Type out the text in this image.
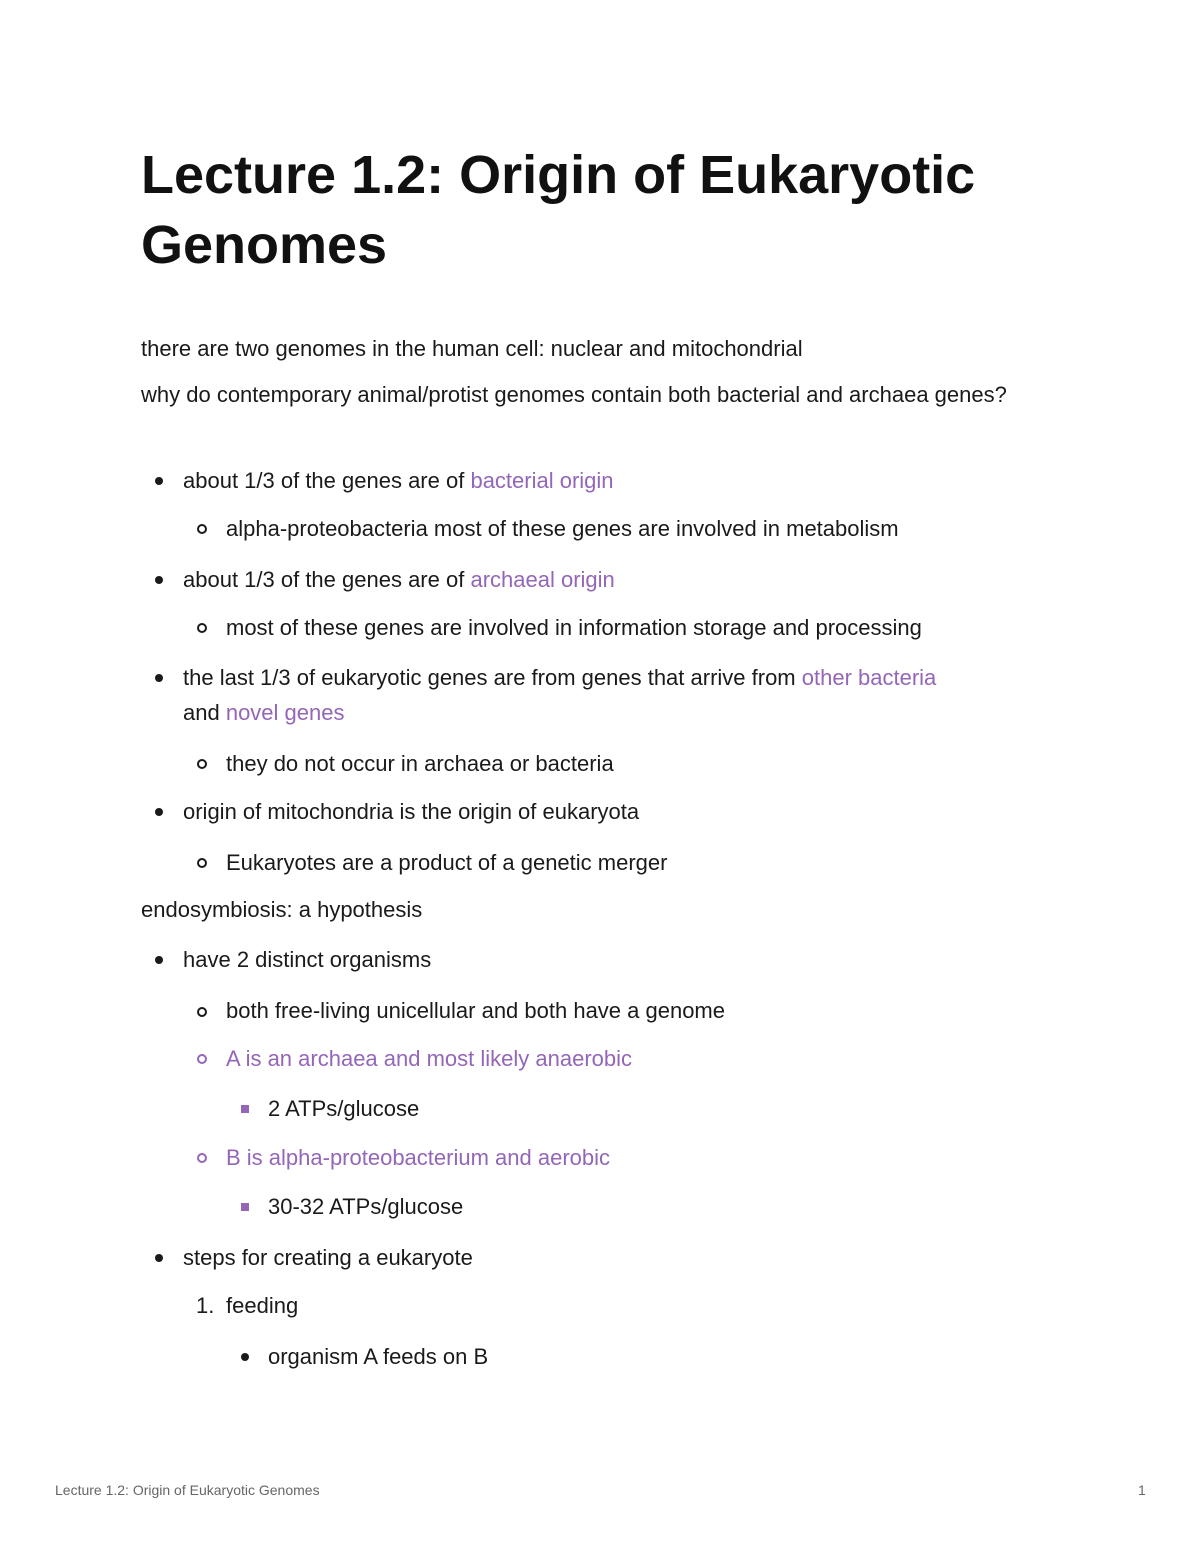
Lecture 1.2: Origin of Eukaryotic Genomes
there are two genomes in the human cell: nuclear and mitochondrial
why do contemporary animal/protist genomes contain both bacterial and archaea genes?
about 1/3 of the genes are of bacterial origin
alpha-proteobacteria most of these genes are involved in metabolism
about 1/3 of the genes are of archaeal origin
most of these genes are involved in information storage and processing
the last 1/3 of eukaryotic genes are from genes that arrive from other bacteria
and novel genes
they do not occur in archaea or bacteria
origin of mitochondria is the origin of eukaryota
Eukaryotes are a product of a genetic merger
endosymbiosis: a hypothesis
have 2 distinct organisms
both free-living unicellular and both have a genome
A is an archaea and most likely anaerobic
2 ATPs/glucose
B is alpha-proteobacterium and aerobic
30-32 ATPs/glucose
steps for creating a eukaryote
1. feeding
organism A feeds on B
Lecture 1.2: Origin of Eukaryotic Genomes	1
